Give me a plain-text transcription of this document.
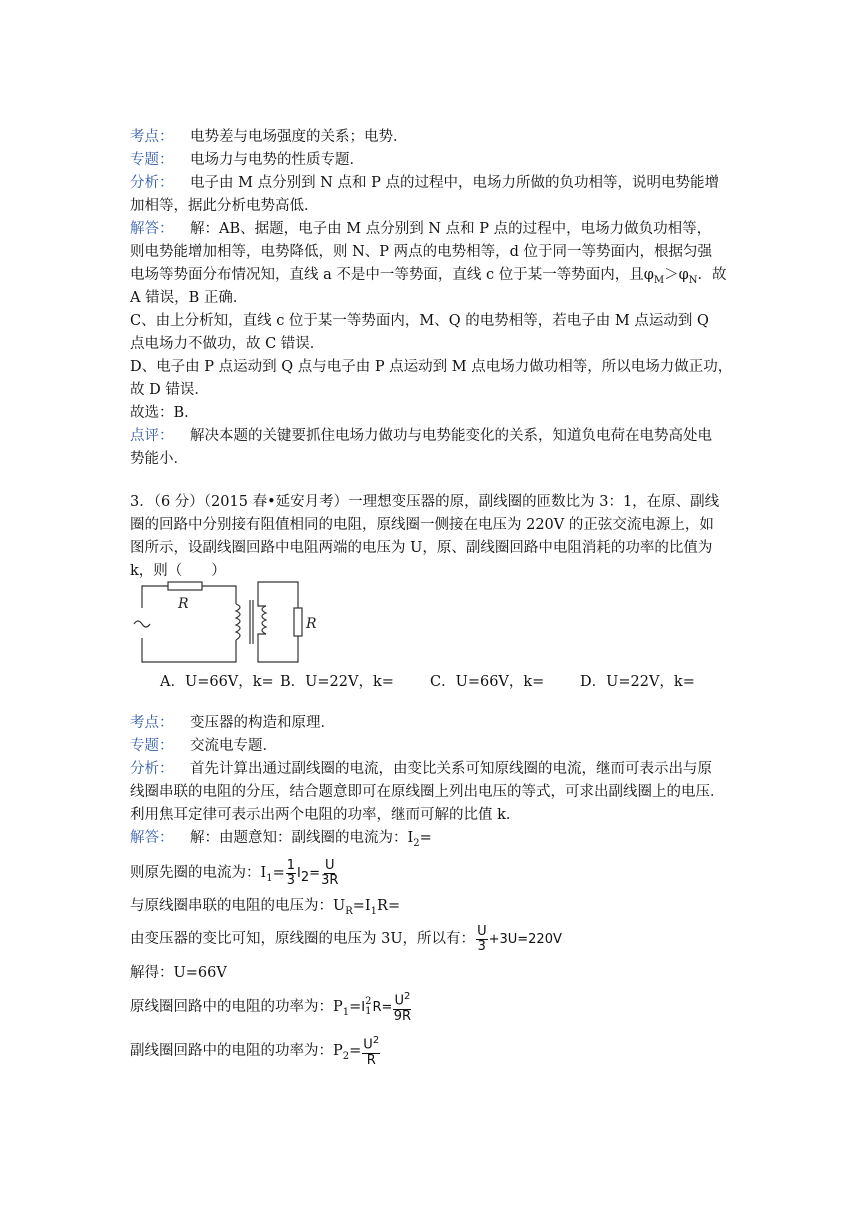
考点： 电势差与电场强度的关系；电势．
专题： 电场力与电势的性质专题．
分析： 电子由 M 点分别到 N 点和 P 点的过程中，电场力所做的负功相等，说明电势能增
加相等，据此分析电势高低．
解答： 解：AB、据题，电子由 M 点分别到 N 点和 P 点的过程中，电场力做负功相等，
则电势能增加相等，电势降低，则 N、P 两点的电势相等，d 位于同一等势面内，根据匀强
电场等势面分布情况知，直线 a 不是中一等势面，直线 c 位于某一等势面内，且$\varphi_M>\varphi_N$．故
A 错误，B 正确．
C、由上分析知，直线 c 位于某一等势面内，M、Q 的电势相等，若电子由 M 点运动到 Q
点电场力不做功，故 C 错误．
D、电子由 P 点运动到 Q 点与电子由 P 点运动到 M 点电场力做功相等，所以电场力做正功，
故 D 错误．
故选：B．
点评： 解决本题的关键要抓住电场力做功与电势能变化的关系，知道负电荷在电势高处电
势能小．
3．（6 分）（2015 春•延安月考）一理想变压器的原，副线圈的匝数比为 3：1，在原、副线
圈的回路中分别接有阻值相同的电阻，原线圈一侧接在电压为 220V 的正弦交流电源上，如
图所示，设副线圈回路中电阻两端的电压为 U，原、副线圈回路中电阻消耗的功率的比值为
k，则（　　）
R
R
A．U=66V，k= B．U=22V，k= C．U=66V，k= D．U=22V，k=
考点： 变压器的构造和原理．
专题： 交流电专题．
分析： 首先计算出通过副线圈的电流，由变比关系可知原线圈的电流，继而可表示出与原
线圈串联的电阻的分压，结合题意即可在原线圈上列出电压的等式，可求出副线圈上的电压．
利用焦耳定律可表示出两个电阻的功率，继而可解的比值 k．
解答： 解：由题意知：副线圈的电流为：$I_2=$
则原先圈的电流为：$I_1= \frac{1}{3} I_2= \frac{U}{3R}$
与原线圈串联的电阻的电压为：$U_R=I_1R=$
由变压器的变比可知，原线圈的电压为 3U，所以有： $\frac{U}{3} +3U=220V$
解得：U=66V
原线圈回路中的电阻的功率为：$P_1=I$ 2
1 $R= \frac{U^2}{9R}$
副线圈回路中的电阻的功率为：$P_2= \frac{U^2}{R}$
